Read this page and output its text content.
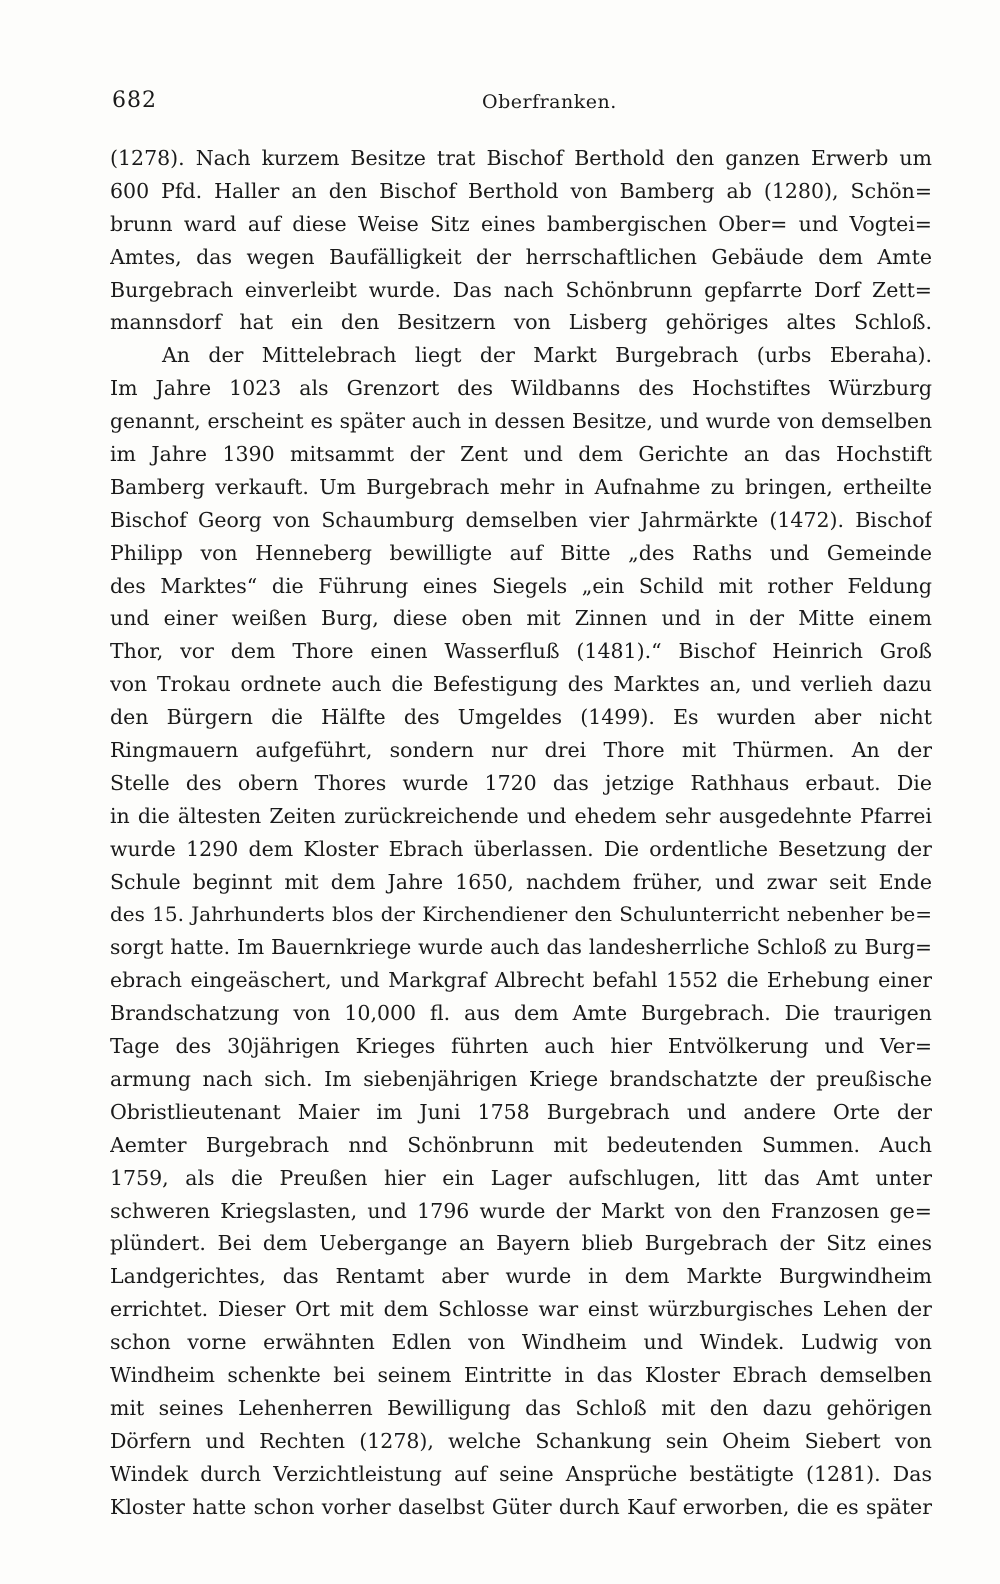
682	Oberfranken.
(1278). Nach kurzem Besitze trat Bischof Berthold den ganzen Erwerb um
600 Pfd. Haller an den Bischof Berthold von Bamberg ab (1280), Schön=
brunn ward auf diese Weise Sitz eines bambergischen Ober= und Vogtei=
Amtes, das wegen Baufälligkeit der herrschaftlichen Gebäude dem Amte
Burgebrach einverleibt wurde. Das nach Schönbrunn gepfarrte Dorf Zett=
mannsdorf hat ein den Besitzern von Lisberg gehöriges altes Schloß.
An der Mittelebrach liegt der Markt Burgebrach (urbs Eberaha).
Im Jahre 1023 als Grenzort des Wildbanns des Hochstiftes Würzburg
genannt, erscheint es später auch in dessen Besitze, und wurde von demselben
im Jahre 1390 mitsammt der Zent und dem Gerichte an das Hochstift
Bamberg verkauft. Um Burgebrach mehr in Aufnahme zu bringen, ertheilte
Bischof Georg von Schaumburg demselben vier Jahrmärkte (1472). Bischof
Philipp von Henneberg bewilligte auf Bitte „des Raths und Gemeinde
des Marktes“ die Führung eines Siegels „ein Schild mit rother Feldung
und einer weißen Burg, diese oben mit Zinnen und in der Mitte einem
Thor, vor dem Thore einen Wasserfluß (1481).“ Bischof Heinrich Groß
von Trokau ordnete auch die Befestigung des Marktes an, und verlieh dazu
den Bürgern die Hälfte des Umgeldes (1499). Es wurden aber nicht
Ringmauern aufgeführt, sondern nur drei Thore mit Thürmen. An der
Stelle des obern Thores wurde 1720 das jetzige Rathhaus erbaut. Die
in die ältesten Zeiten zurückreichende und ehedem sehr ausgedehnte Pfarrei
wurde 1290 dem Kloster Ebrach überlassen. Die ordentliche Besetzung der
Schule beginnt mit dem Jahre 1650, nachdem früher, und zwar seit Ende
des 15. Jahrhunderts blos der Kirchendiener den Schulunterricht nebenher be=
sorgt hatte. Im Bauernkriege wurde auch das landesherrliche Schloß zu Burg=
ebrach eingeäschert, und Markgraf Albrecht befahl 1552 die Erhebung einer
Brandschatzung von 10,000 fl. aus dem Amte Burgebrach. Die traurigen
Tage des 30jährigen Krieges führten auch hier Entvölkerung und Ver=
armung nach sich. Im siebenjährigen Kriege brandschatzte der preußische
Obristlieutenant Maier im Juni 1758 Burgebrach und andere Orte der
Aemter Burgebrach nnd Schönbrunn mit bedeutenden Summen. Auch
1759, als die Preußen hier ein Lager aufschlugen, litt das Amt unter
schweren Kriegslasten, und 1796 wurde der Markt von den Franzosen ge=
plündert. Bei dem Uebergange an Bayern blieb Burgebrach der Sitz eines
Landgerichtes, das Rentamt aber wurde in dem Markte Burgwindheim
errichtet. Dieser Ort mit dem Schlosse war einst würzburgisches Lehen der
schon vorne erwähnten Edlen von Windheim und Windek. Ludwig von
Windheim schenkte bei seinem Eintritte in das Kloster Ebrach demselben
mit seines Lehenherren Bewilligung das Schloß mit den dazu gehörigen
Dörfern und Rechten (1278), welche Schankung sein Oheim Siebert von
Windek durch Verzichtleistung auf seine Ansprüche bestätigte (1281). Das
Kloster hatte schon vorher daselbst Güter durch Kauf erworben, die es später
